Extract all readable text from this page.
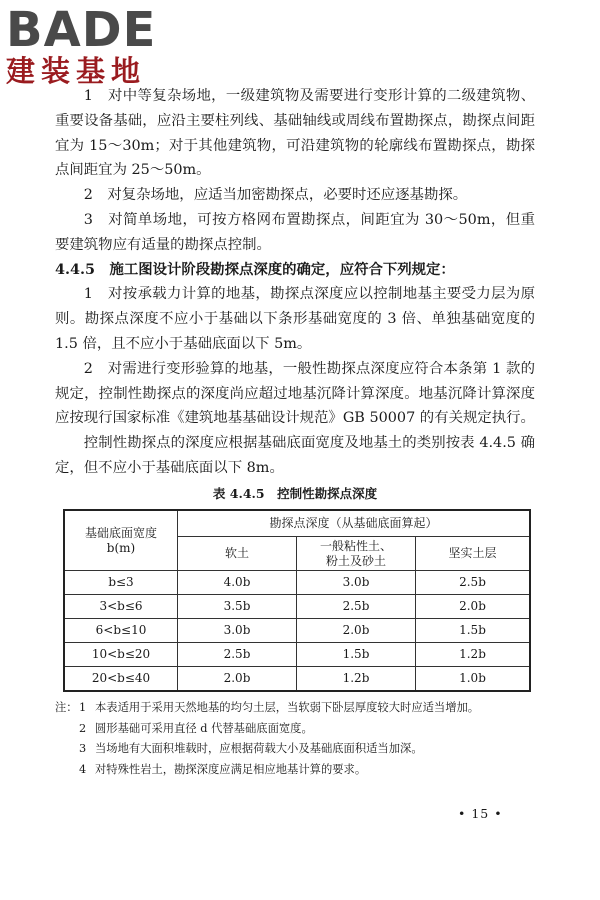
BADE
建装基地

1　对中等复杂场地，一级建筑物及需要进行变形计算的二级建筑物、重要设备基础，应沿主要柱列线、基础轴线或周线布置勘探点，勘探点间距宜为 15～30m；对于其他建筑物，可沿建筑物的轮廓线布置勘探点，勘探点间距宜为 25～50m。

2　对复杂场地，应适当加密勘探点，必要时还应逐基勘探。

3　对简单场地，可按方格网布置勘探点，间距宜为 30～50m，但重要建筑物应有适量的勘探点控制。

4.4.5　施工图设计阶段勘探点深度的确定，应符合下列规定：

1　对按承载力计算的地基，勘探点深度应以控制地基主要受力层为原则。勘探点深度不应小于基础以下条形基础宽度的 3 倍、单独基础宽度的 1.5 倍，且不应小于基础底面以下 5m。

2　对需进行变形验算的地基，一般性勘探点深度应符合本条第 1 款的规定，控制性勘探点的深度尚应超过地基沉降计算深度。地基沉降计算深度应按现行国家标准《建筑地基基础设计规范》GB 50007 的有关规定执行。

控制性勘探点的深度应根据基础底面宽度及地基土的类别按表 4.4.5 确定，但不应小于基础底面以下 8m。

表 4.4.5　控制性勘探点深度
基础底面宽度
b(m)	勘探点深度（从基础底面算起）		
	软土	一般粘性土、
粉土及砂土	坚实土层
b≤3	4.0b	3.0b	2.5b
3<b≤6	3.5b	2.5b	2.0b
6<b≤10	3.0b	2.0b	1.5b
10<b≤20	2.5b	1.5b	1.2b
20<b≤40	2.0b	1.2b	1.0b
注： 1 本表适用于采用天然地基的均匀土层，当软弱下卧层厚度较大时应适当增加。
2 圆形基础可采用直径 d 代替基础底面宽度。
3 当场地有大面积堆载时，应根据荷载大小及基础底面积适当加深。
4 对特殊性岩土，勘探深度应满足相应地基计算的要求。
• 15 •
